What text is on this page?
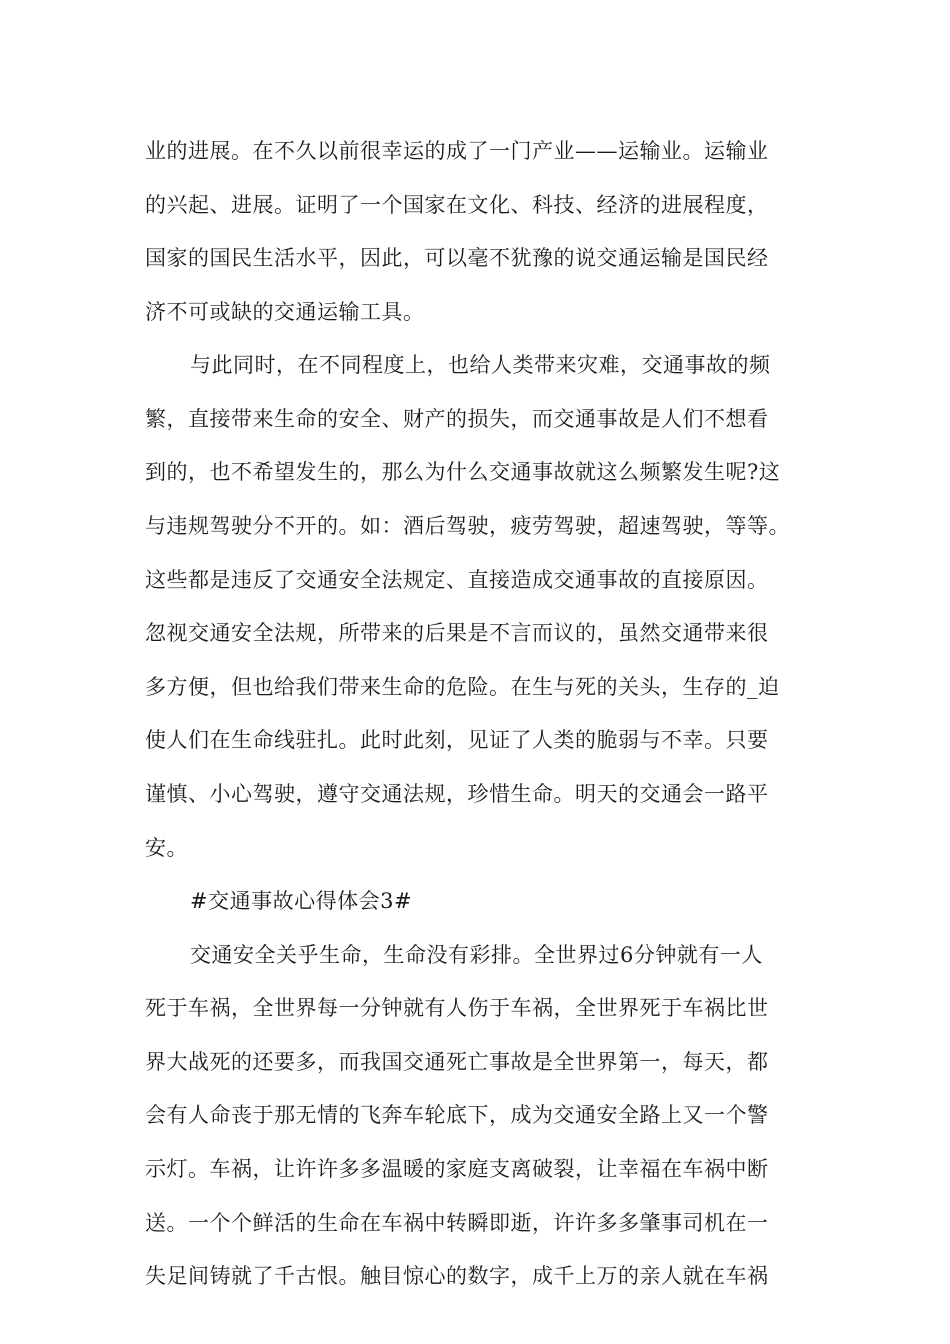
业的进展。在不久以前很幸运的成了一门产业——运输业。运输业
的兴起、进展。证明了一个国家在文化、科技、经济的进展程度，
国家的国民生活水平，因此，可以毫不犹豫的说交通运输是国民经
济不可或缺的交通运输工具。
与此同时，在不同程度上，也给人类带来灾难，交通事故的频
繁，直接带来生命的安全、财产的损失，而交通事故是人们不想看
到的，也不希望发生的，那么为什么交通事故就这么频繁发生呢?这
与违规驾驶分不开的。如：酒后驾驶，疲劳驾驶，超速驾驶，等等。
这些都是违反了交通安全法规定、直接造成交通事故的直接原因。
忽视交通安全法规，所带来的后果是不言而议的，虽然交通带来很
多方便，但也给我们带来生命的危险。在生与死的关头，生存的_迫
使人们在生命线驻扎。此时此刻，见证了人类的脆弱与不幸。只要
谨慎、小心驾驶，遵守交通法规，珍惜生命。明天的交通会一路平
安。
#交通事故心得体会3#
交通安全关乎生命，生命没有彩排。全世界过6分钟就有一人
死于车祸，全世界每一分钟就有人伤于车祸，全世界死于车祸比世
界大战死的还要多，而我国交通死亡事故是全世界第一，每天，都
会有人命丧于那无情的飞奔车轮底下，成为交通安全路上又一个警
示灯。车祸，让许许多多温暖的家庭支离破裂，让幸福在车祸中断
送。一个个鲜活的生命在车祸中转瞬即逝，许许多多肇事司机在一
失足间铸就了千古恨。触目惊心的数字，成千上万的亲人就在车祸
